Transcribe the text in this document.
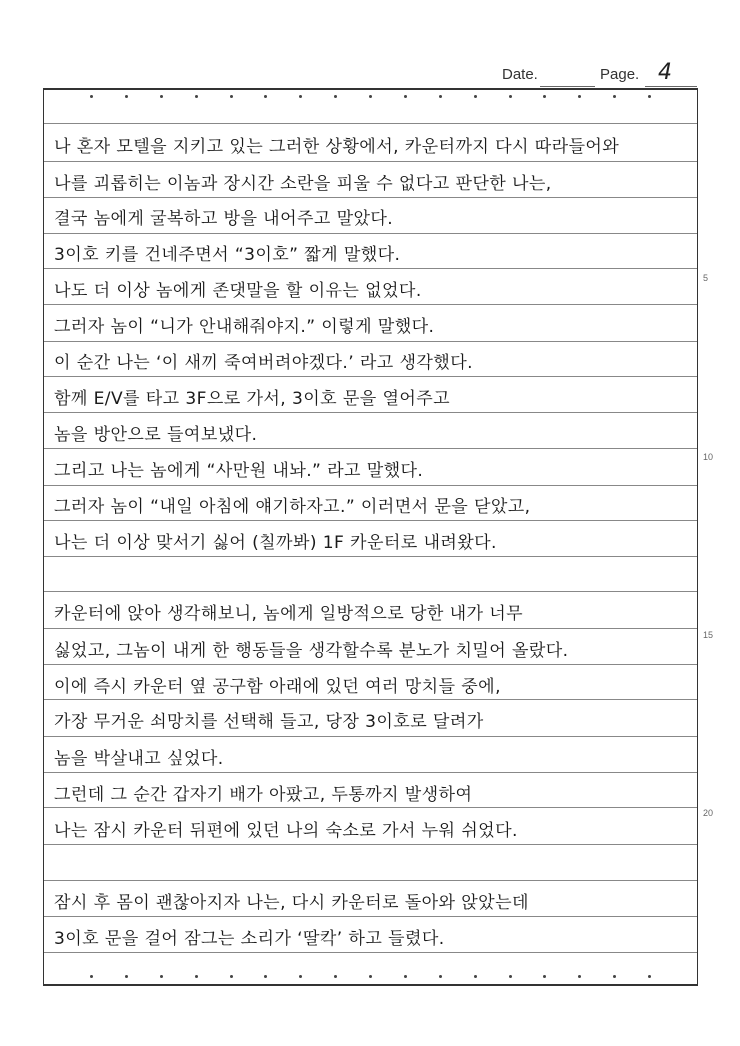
Date.	Page. 4
5
10
15
20
나 혼자 모텔을 지키고 있는 그러한 상황에서, 카운터까지 다시 따라들어와
나를 괴롭히는 이놈과 장시간 소란을 피울 수 없다고 판단한 나는,
결국 놈에게 굴복하고 방을 내어주고 말았다.
3이호 키를 건네주면서 “3이호” 짧게 말했다.
나도 더 이상 놈에게 존댓말을 할 이유는 없었다.
그러자 놈이 “니가 안내해줘야지.” 이렇게 말했다.
이 순간 나는 ‘이 새끼 죽여버려야겠다.’ 라고 생각했다.
함께 E/V를 타고 3F으로 가서, 3이호 문을 열어주고
놈을 방안으로 들여보냈다.
그리고 나는 놈에게 “사만원 내놔.” 라고 말했다.
그러자 놈이 “내일 아침에 얘기하자고.” 이러면서 문을 닫았고,
나는 더 이상 맞서기 싫어 (칠까봐) 1F 카운터로 내려왔다.
카운터에 앉아 생각해보니, 놈에게 일방적으로 당한 내가 너무
싫었고, 그놈이 내게 한 행동들을 생각할수록 분노가 치밀어 올랐다.
이에 즉시 카운터 옆 공구함 아래에 있던 여러 망치들 중에,
가장 무거운 쇠망치를 선택해 들고, 당장 3이호로 달려가
놈을 박살내고 싶었다.
그런데 그 순간 갑자기 배가 아팠고, 두통까지 발생하여
나는 잠시 카운터 뒤편에 있던 나의 숙소로 가서 누워 쉬었다.
잠시 후 몸이 괜찮아지자 나는, 다시 카운터로 돌아와 앉았는데
3이호 문을 걸어 잠그는 소리가 ‘딸칵’ 하고 들렸다.
